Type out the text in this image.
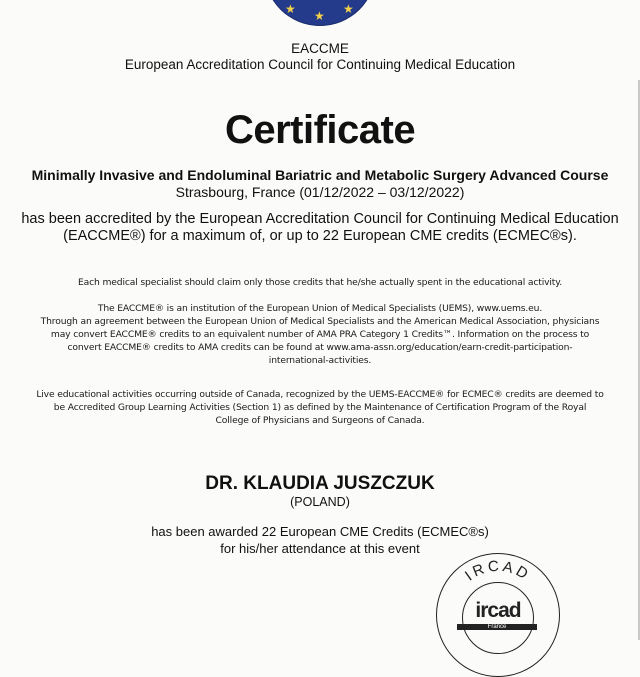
★ ★ ★
EACCME
European Accreditation Council for Continuing Medical Education
Certificate
Minimally Invasive and Endoluminal Bariatric and Metabolic Surgery Advanced Course
Strasbourg, France (01/12/2022 – 03/12/2022)
has been accredited by the European Accreditation Council for Continuing Medical Education
(EACCME®) for a maximum of, or up to 22 European CME credits (ECMEC®s).
Each medical specialist should claim only those credits that he/she actually spent in the educational activity.
The EACCME® is an institution of the European Union of Medical Specialists (UEMS), www.uems.eu.
Through an agreement between the European Union of Medical Specialists and the American Medical Association, physicians
may convert EACCME® credits to an equivalent number of AMA PRA Category 1 Credits™. Information on the process to
convert EACCME® credits to AMA credits can be found at www.ama-assn.org/education/earn-credit-participation-
international-activities.
Live educational activities occurring outside of Canada, recognized by the UEMS-EACCME® for ECMEC® credits are deemed to
be Accredited Group Learning Activities (Section 1) as defined by the Maintenance of Certification Program of the Royal
College of Physicians and Surgeons of Canada.
DR. KLAUDIA JUSZCZUK
(POLAND)
has been awarded 22 European CME Credits (ECMEC®s)
for his/her attendance at this event
IRCAD
ircad
France
